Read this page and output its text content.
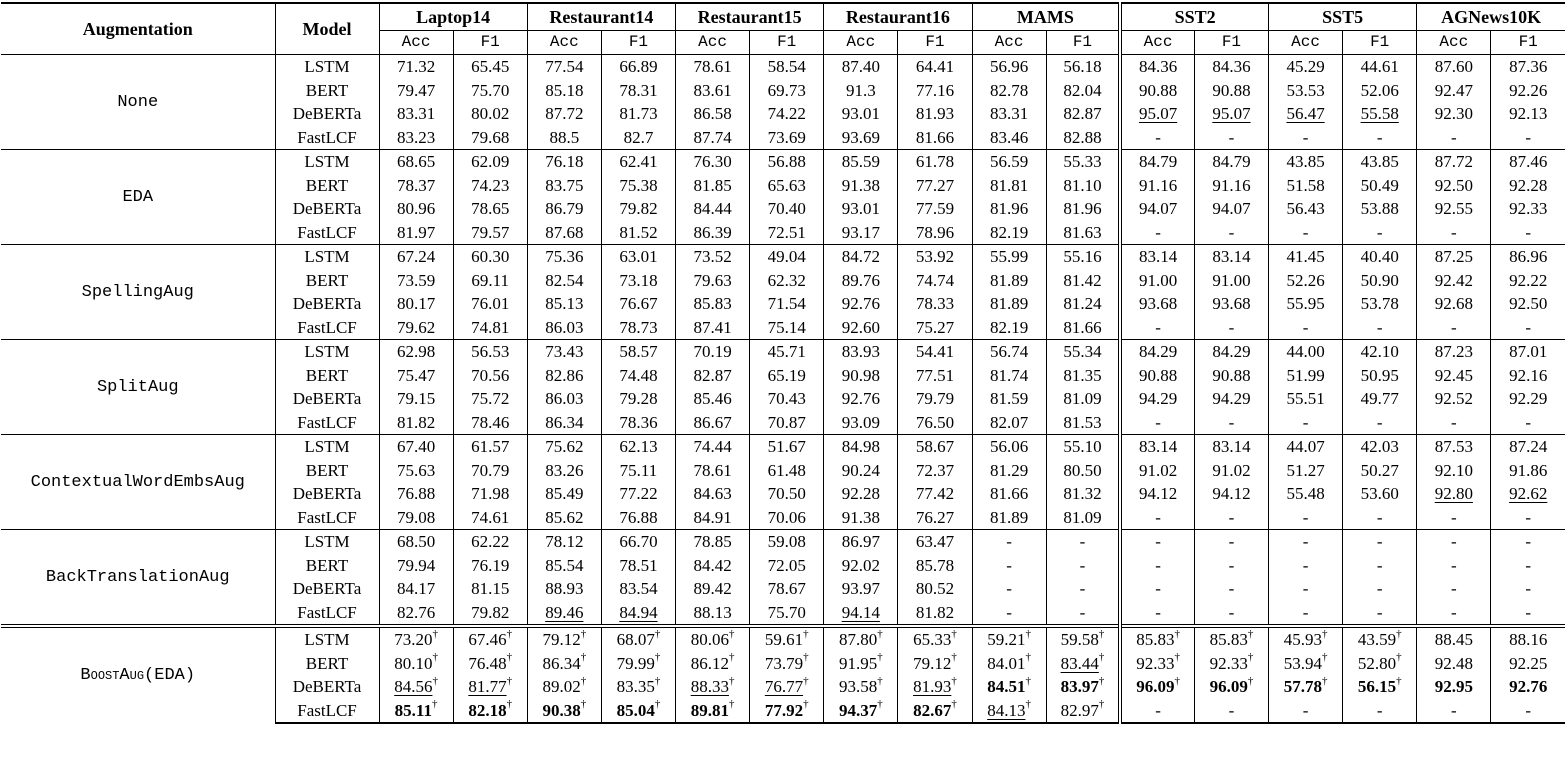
Augmentation	Model	Laptop14		Restaurant14		Restaurant15		Restaurant16		MAMS		SST2		SST5		AGNews10K	
		Acc	F1	Acc	F1	Acc	F1	Acc	F1	Acc	F1	Acc	F1	Acc	F1	Acc	F1
None	LSTM	71.32	65.45	77.54	66.89	78.61	58.54	87.40	64.41	56.96	56.18	84.36	84.36	45.29	44.61	87.60	87.36
	BERT	79.47	75.70	85.18	78.31	83.61	69.73	91.3	77.16	82.78	82.04	90.88	90.88	53.53	52.06	92.47	92.26
	DeBERTa	83.31	80.02	87.72	81.73	86.58	74.22	93.01	81.93	83.31	82.87	95.07	95.07	56.47	55.58	92.30	92.13
	FastLCF	83.23	79.68	88.5	82.7	87.74	73.69	93.69	81.66	83.46	82.88	-	-	-	-	-	-
EDA	LSTM	68.65	62.09	76.18	62.41	76.30	56.88	85.59	61.78	56.59	55.33	84.79	84.79	43.85	43.85	87.72	87.46
	BERT	78.37	74.23	83.75	75.38	81.85	65.63	91.38	77.27	81.81	81.10	91.16	91.16	51.58	50.49	92.50	92.28
	DeBERTa	80.96	78.65	86.79	79.82	84.44	70.40	93.01	77.59	81.96	81.96	94.07	94.07	56.43	53.88	92.55	92.33
	FastLCF	81.97	79.57	87.68	81.52	86.39	72.51	93.17	78.96	82.19	81.63	-	-	-	-	-	-
SpellingAug	LSTM	67.24	60.30	75.36	63.01	73.52	49.04	84.72	53.92	55.99	55.16	83.14	83.14	41.45	40.40	87.25	86.96
	BERT	73.59	69.11	82.54	73.18	79.63	62.32	89.76	74.74	81.89	81.42	91.00	91.00	52.26	50.90	92.42	92.22
	DeBERTa	80.17	76.01	85.13	76.67	85.83	71.54	92.76	78.33	81.89	81.24	93.68	93.68	55.95	53.78	92.68	92.50
	FastLCF	79.62	74.81	86.03	78.73	87.41	75.14	92.60	75.27	82.19	81.66	-	-	-	-	-	-
SplitAug	LSTM	62.98	56.53	73.43	58.57	70.19	45.71	83.93	54.41	56.74	55.34	84.29	84.29	44.00	42.10	87.23	87.01
	BERT	75.47	70.56	82.86	74.48	82.87	65.19	90.98	77.51	81.74	81.35	90.88	90.88	51.99	50.95	92.45	92.16
	DeBERTa	79.15	75.72	86.03	79.28	85.46	70.43	92.76	79.79	81.59	81.09	94.29	94.29	55.51	49.77	92.52	92.29
	FastLCF	81.82	78.46	86.34	78.36	86.67	70.87	93.09	76.50	82.07	81.53	-	-	-	-	-	-
ContextualWordEmbsAug	LSTM	67.40	61.57	75.62	62.13	74.44	51.67	84.98	58.67	56.06	55.10	83.14	83.14	44.07	42.03	87.53	87.24
	BERT	75.63	70.79	83.26	75.11	78.61	61.48	90.24	72.37	81.29	80.50	91.02	91.02	51.27	50.27	92.10	91.86
	DeBERTa	76.88	71.98	85.49	77.22	84.63	70.50	92.28	77.42	81.66	81.32	94.12	94.12	55.48	53.60	92.80	92.62
	FastLCF	79.08	74.61	85.62	76.88	84.91	70.06	91.38	76.27	81.89	81.09	-	-	-	-	-	-
BackTranslationAug	LSTM	68.50	62.22	78.12	66.70	78.85	59.08	86.97	63.47	-	-	-	-	-	-	-	-
	BERT	79.94	76.19	85.54	78.51	84.42	72.05	92.02	85.78	-	-	-	-	-	-	-	-
	DeBERTa	84.17	81.15	88.93	83.54	89.42	78.67	93.97	80.52	-	-	-	-	-	-	-	-
	FastLCF	82.76	79.82	89.46	84.94	88.13	75.70	94.14	81.82	-	-	-	-	-	-	-	-
BoostAug(EDA)	LSTM	73.20†	67.46†	79.12†	68.07†	80.06†	59.61†	87.80†	65.33†	59.21†	59.58†	85.83†	85.83†	45.93†	43.59†	88.45	88.16
	BERT	80.10†	76.48†	86.34†	79.99†	86.12†	73.79†	91.95†	79.12†	84.01†	83.44†	92.33†	92.33†	53.94†	52.80†	92.48	92.25
	DeBERTa	84.56†	81.77†	89.02†	83.35†	88.33†	76.77†	93.58†	81.93†	84.51†	83.97†	96.09†	96.09†	57.78†	56.15†	92.95	92.76
	FastLCF	85.11†	82.18†	90.38†	85.04†	89.81†	77.92†	94.37†	82.67†	84.13†	82.97†	-	-	-	-	-	-
